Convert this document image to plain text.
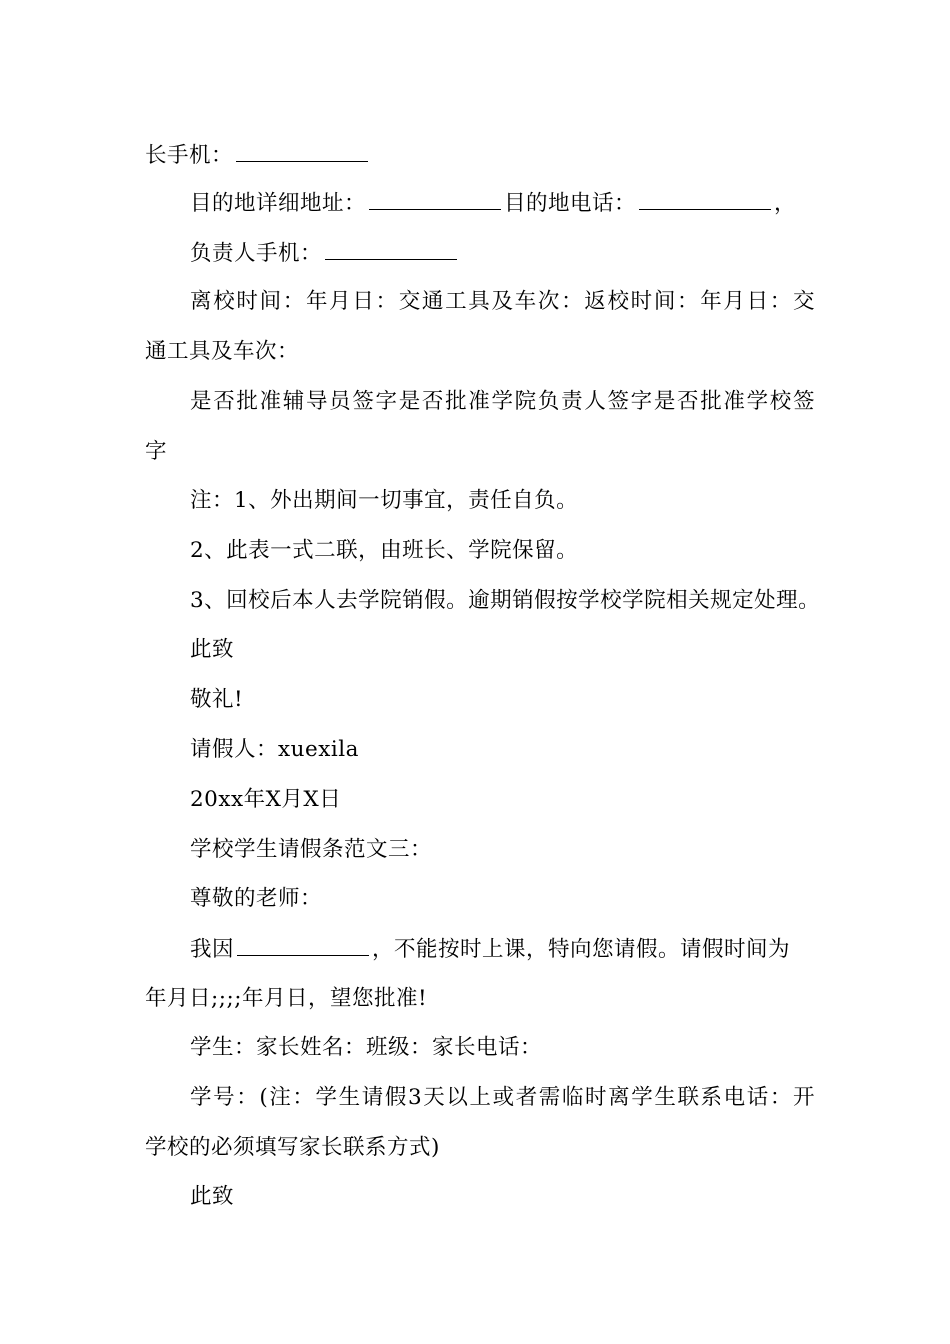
长手机：
目的地详细地址：	目的地电话：	，
负责人手机：
离校时间：年月日：交通工具及车次：返校时间：年月日：交
通工具及车次：
是否批准辅导员签字是否批准学院负责人签字是否批准学校签
字
注：1、外出期间一切事宜，责任自负。
2、此表一式二联，由班长、学院保留。
3、回校后本人去学院销假。逾期销假按学校学院相关规定处理。
此致
敬礼!
请假人：xuexila
20xx年X月X日
学校学生请假条范文三：
尊敬的老师：
我因	，不能按时上课，特向您请假。请假时间为
年月日;;;;年月日，望您批准!
学生：家长姓名：班级：家长电话：
学号：(注：学生请假3天以上或者需临时离学生联系电话：开
学校的必须填写家长联系方式)
此致
